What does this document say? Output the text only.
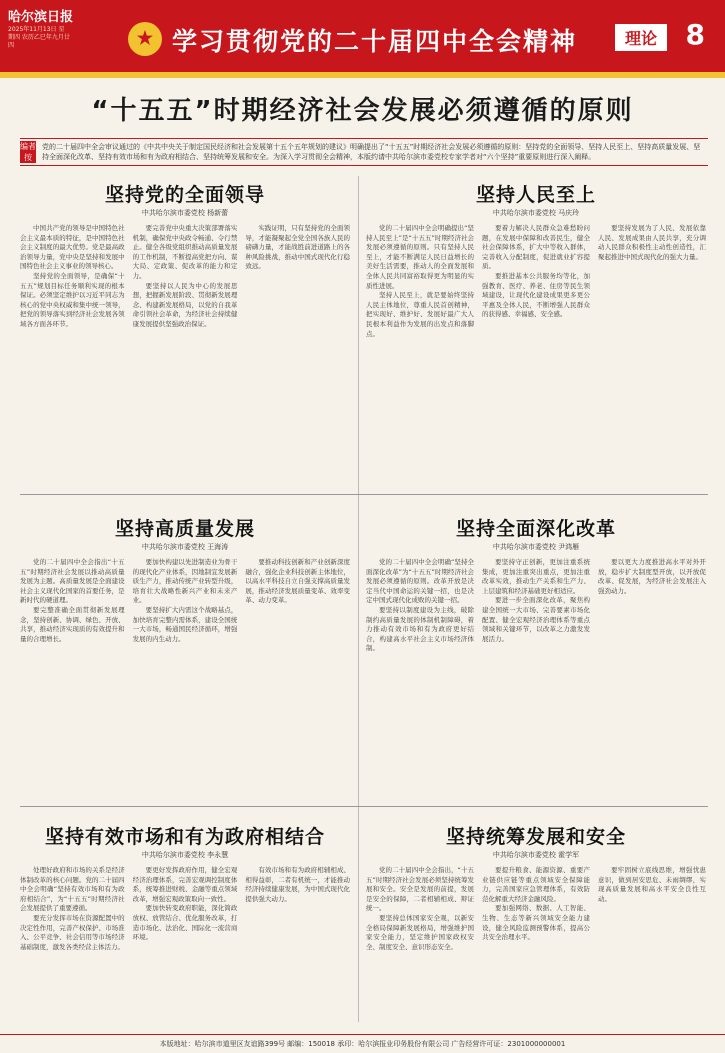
哈尔滨日报
2025年11月13日 星期四 农历乙巳年九月廿四	★ 学习贯彻党的二十届四中全会精神	理论	8
“十五五”时期经济社会发展必须遵循的原则
编者按
党的二十届四中全会审议通过的《中共中央关于制定国民经济和社会发展第十五个五年规划的建议》明确提出了“十五五”时期经济社会发展必须遵循的原则：坚持党的全面领导、坚持人民至上、坚持高质量发展、坚持全面深化改革、坚持有效市场和有为政府相结合、坚持统筹发展和安全。为深入学习贯彻全会精神，本版约请中共哈尔滨市委党校专家学者对“六个坚持”重要原则进行深入阐释。
坚持党的全面领导
中共哈尔滨市委党校 杨新蕾

中国共产党的领导是中国特色社会主义最本质的特征，是中国特色社会主义制度的最大优势。党是最高政治领导力量，党中央是坚持和发展中国特色社会主义事业的领导核心。

坚持党的全面领导，是确保“十五五”规划目标任务顺利实现的根本保证。必须坚定维护以习近平同志为核心的党中央权威和集中统一领导，把党的领导落实到经济社会发展各领域各方面各环节。

要完善党中央重大决策部署落实机制，确保党中央政令畅通、令行禁止。健全各级党组织推动高质量发展的工作机制，不断提高党把方向、谋大局、定政策、促改革的能力和定力。

要坚持以人民为中心的发展思想，把握新发展阶段、贯彻新发展理念、构建新发展格局，以党的自我革命引领社会革命，为经济社会持续健康发展提供坚强政治保证。

实践证明，只有坚持党的全面领导，才能凝聚起全党全国各族人民的磅礴力量，才能战胜前进道路上的各种风险挑战，推动中国式现代化行稳致远。

坚持人民至上
中共哈尔滨市委党校 马庆玲

党的二十届四中全会明确提出“坚持人民至上”是“十五五”时期经济社会发展必须遵循的原则。只有坚持人民至上，才能不断满足人民日益增长的美好生活需要，推动人的全面发展和全体人民共同富裕取得更为明显的实质性进展。

坚持人民至上，就是要始终坚持人民主体地位，尊重人民首创精神，把实现好、维护好、发展好最广大人民根本利益作为发展的出发点和落脚点。

要着力解决人民群众急难愁盼问题，在发展中保障和改善民生，健全社会保障体系，扩大中等收入群体，完善收入分配制度，促进就业扩容提质。

要推进基本公共服务均等化，加强教育、医疗、养老、住房等民生领域建设，让现代化建设成果更多更公平惠及全体人民，不断增强人民群众的获得感、幸福感、安全感。

要坚持发展为了人民、发展依靠人民、发展成果由人民共享，充分调动人民群众积极性主动性创造性，汇聚起推进中国式现代化的强大力量。

坚持高质量发展
中共哈尔滨市委党校 王海涛

党的二十届四中全会指出“十五五”时期经济社会发展以推动高质量发展为主题。高质量发展是全面建设社会主义现代化国家的首要任务，是新时代的硬道理。

要完整准确全面贯彻新发展理念，坚持创新、协调、绿色、开放、共享，推动经济实现质的有效提升和量的合理增长。

要加快构建以先进制造业为骨干的现代化产业体系，因地制宜发展新质生产力，推动传统产业转型升级，培育壮大战略性新兴产业和未来产业。

要坚持扩大内需这个战略基点，加快培育完整内需体系，建设全国统一大市场，畅通国民经济循环，增强发展的内生动力。

要推动科技创新和产业创新深度融合，强化企业科技创新主体地位，以高水平科技自立自强支撑高质量发展，推动经济发展质量变革、效率变革、动力变革。

坚持全面深化改革
中共哈尔滨市委党校 尹鸿雁

党的二十届四中全会明确“坚持全面深化改革”为“十五五”时期经济社会发展必须遵循的原则。改革开放是决定当代中国命运的关键一招，也是决定中国式现代化成败的关键一招。

要坚持以制度建设为主线，破除制约高质量发展的体制机制障碍，着力推动有效市场和有为政府更好结合，构建高水平社会主义市场经济体制。

要坚持守正创新，更加注重系统集成，更加注重突出重点，更加注重改革实效，推动生产关系和生产力、上层建筑和经济基础更好相适应。

要进一步全面深化改革，聚焦构建全国统一大市场、完善要素市场化配置、健全宏观经济治理体系等重点领域和关键环节，以改革之力激发发展活力。

要以更大力度推进高水平对外开放，稳步扩大制度型开放，以开放促改革、促发展，为经济社会发展注入强劲动力。

坚持有效市场和有为政府相结合
中共哈尔滨市委党校 李永慧

处理好政府和市场的关系是经济体制改革的核心问题。党的二十届四中全会明确“坚持有效市场和有为政府相结合”，为“十五五”时期经济社会发展提供了重要遵循。

要充分发挥市场在资源配置中的决定性作用，完善产权保护、市场准入、公平竞争、社会信用等市场经济基础制度，激发各类经营主体活力。

要更好发挥政府作用，健全宏观经济治理体系，完善宏观调控制度体系，统筹推进财税、金融等重点领域改革，增强宏观政策取向一致性。

要加快转变政府职能，深化简政放权、放管结合、优化服务改革，打造市场化、法治化、国际化一流营商环境。

有效市场和有为政府相辅相成、相得益彰，二者有机统一，才能推动经济持续健康发展，为中国式现代化提供强大动力。

坚持统筹发展和安全
中共哈尔滨市委党校 霍学军

党的二十届四中全会指出，“十五五”时期经济社会发展必须坚持统筹发展和安全。安全是发展的前提，发展是安全的保障，二者相辅相成、辩证统一。

要坚持总体国家安全观，以新安全格局保障新发展格局，增强维护国家安全能力，坚定维护国家政权安全、制度安全、意识形态安全。

要提升粮食、能源资源、重要产业链供应链等重点领域安全保障能力，完善国家应急管理体系，有效防范化解重大经济金融风险。

要加强网络、数据、人工智能、生物、生态等新兴领域安全能力建设，健全风险监测预警体系，提高公共安全治理水平。

要牢固树立底线思维，增强忧患意识，做到居安思危、未雨绸缪，实现高质量发展和高水平安全良性互动。

本版地址：哈尔滨市道里区友谊路399号 邮编：150018 承印：哈尔滨报业印务股份有限公司 广告经营许可证：2301000000001
